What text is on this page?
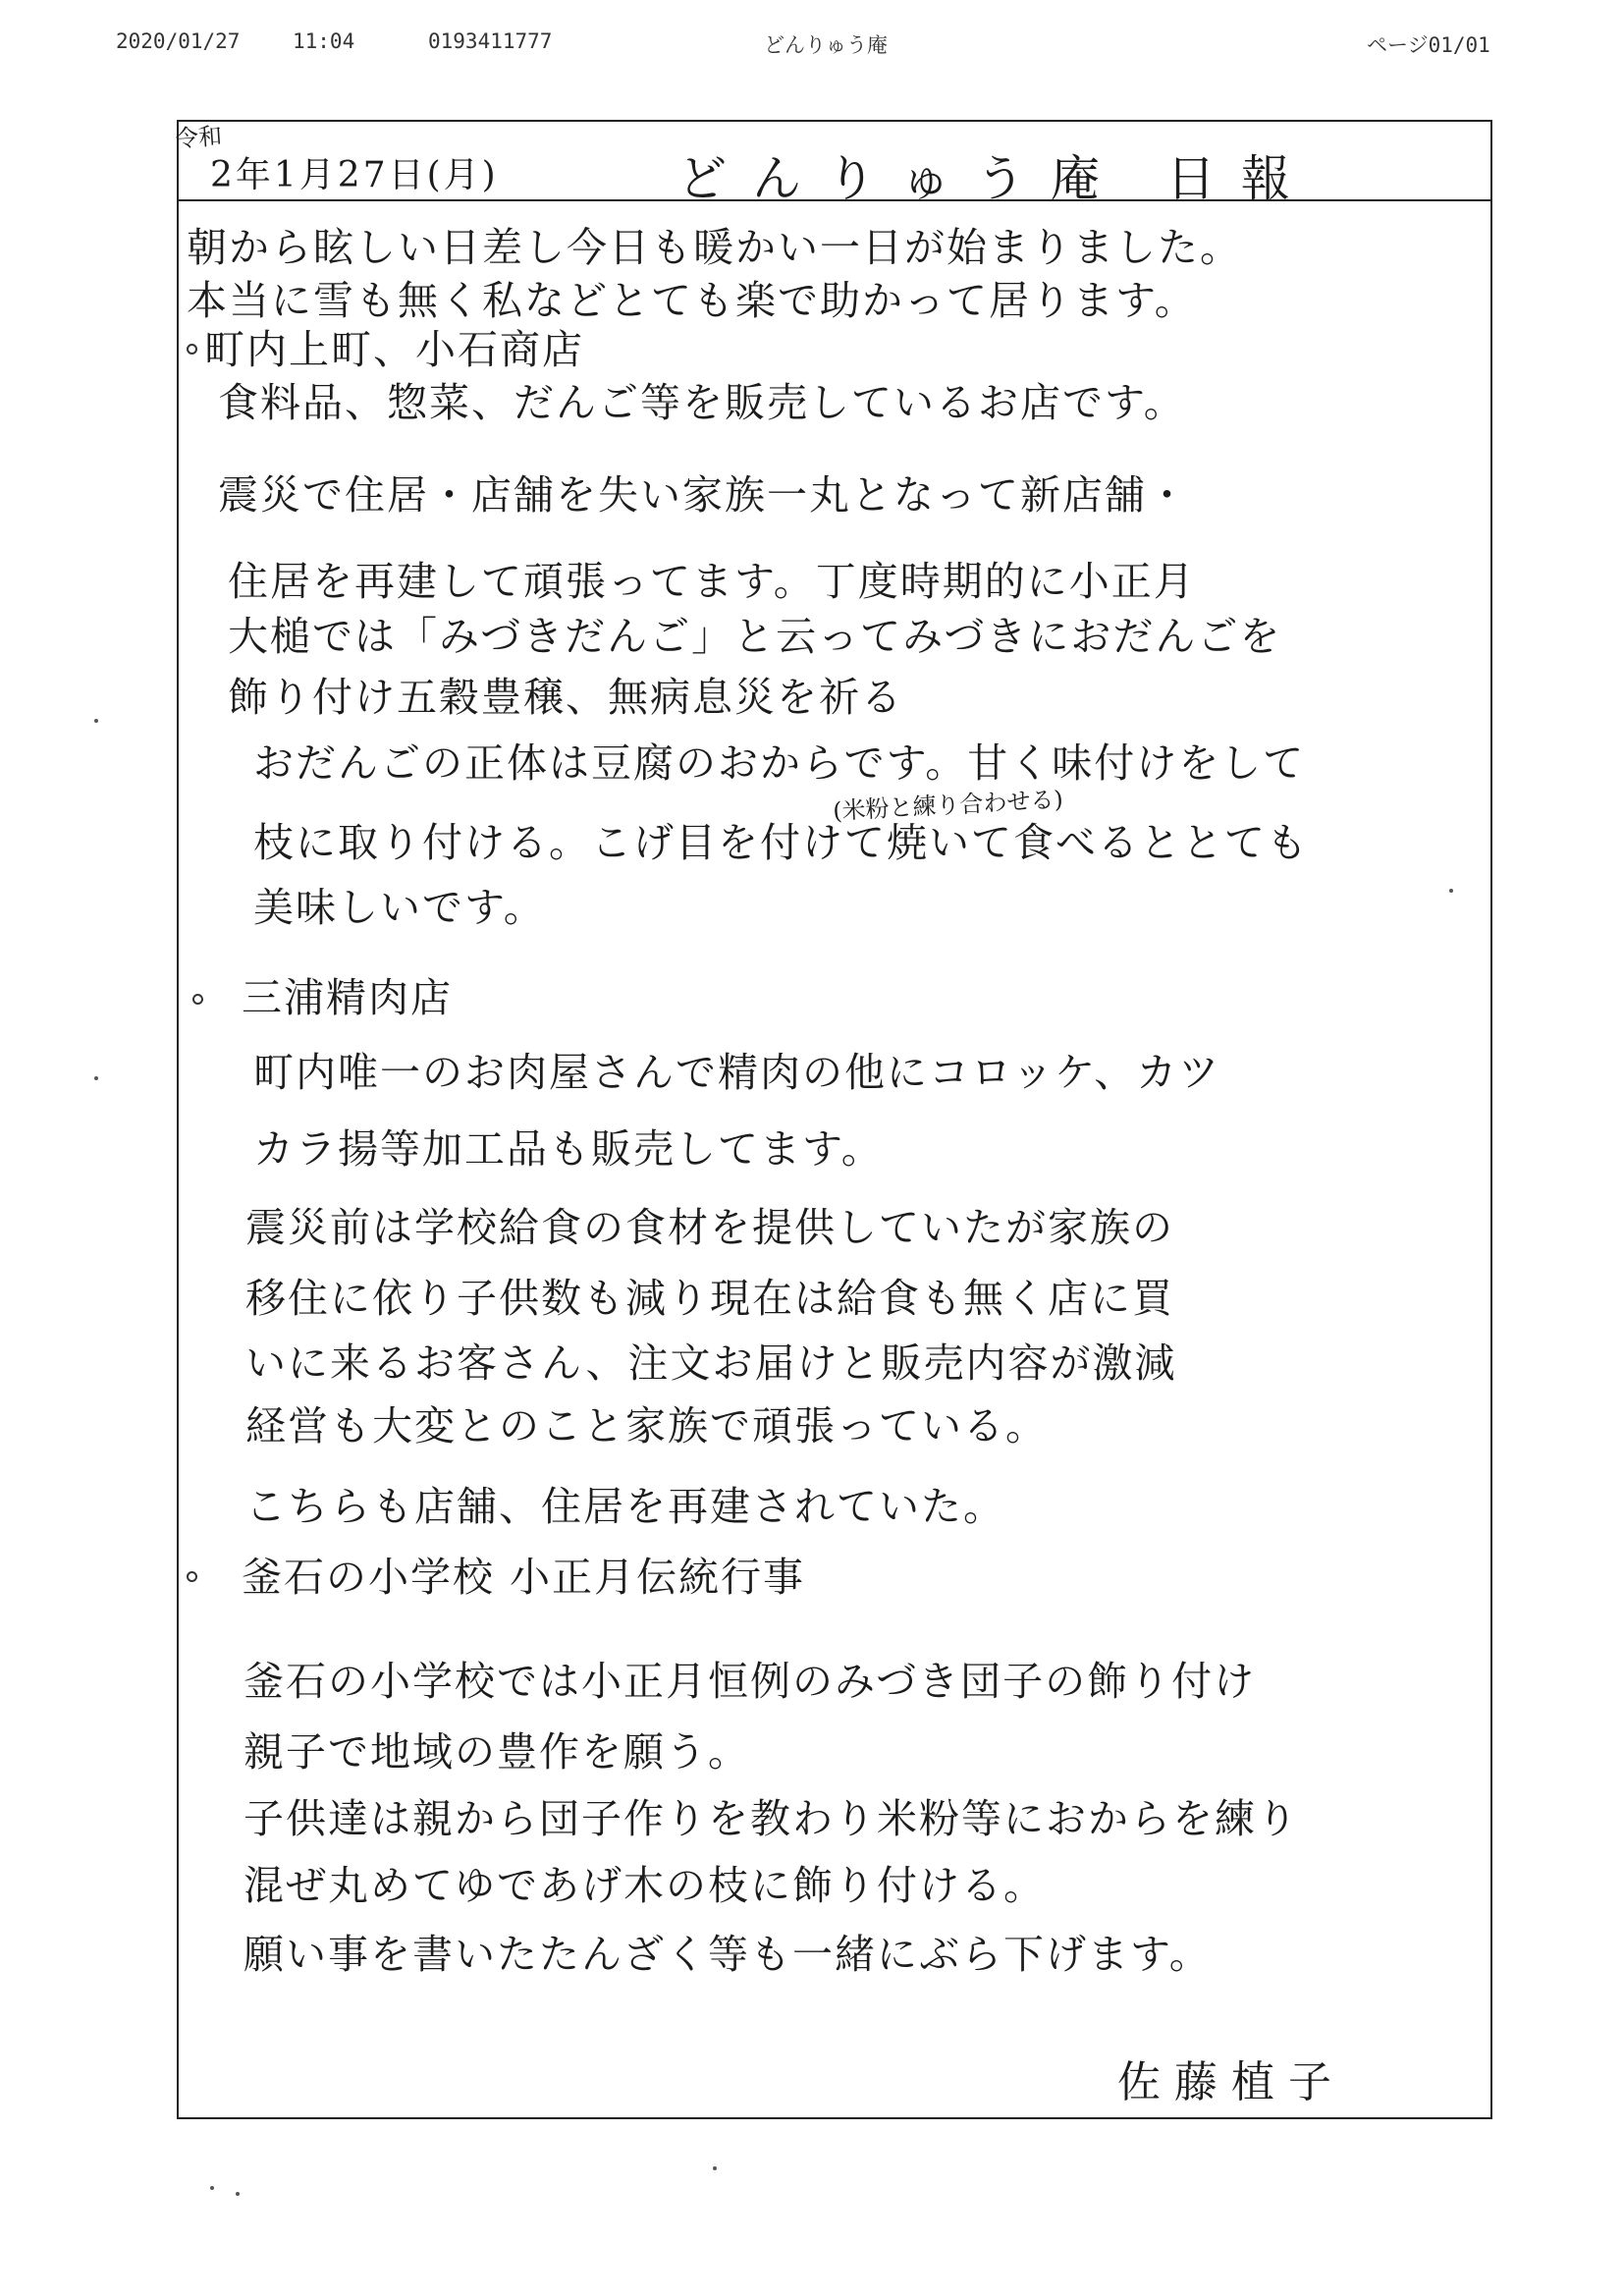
2020/01/27	11:04	0193411777	どんりゅう庵	ページ01/01
令和
2年1月27日(月)	どんりゅう庵 日報
朝から眩しい日差し今日も暖かい一日が始まりました。
本当に雪も無く私などとても楽で助かって居ります。
町内上町、小石商店
食料品、惣菜、だんご等を販売しているお店です。
震災で住居・店舗を失い家族一丸となって新店舗・
住居を再建して頑張ってます。丁度時期的に小正月
大槌では「みづきだんご」と云ってみづきにおだんごを
飾り付け五穀豊穣、無病息災を祈る
おだんごの正体は豆腐のおからです。甘く味付けをして
(米粉と練り合わせる)
枝に取り付ける。こげ目を付けて焼いて食べるととても
美味しいです。
三浦精肉店
町内唯一のお肉屋さんで精肉の他にコロッケ、カツ
カラ揚等加工品も販売してます。
震災前は学校給食の食材を提供していたが家族の
移住に依り子供数も減り現在は給食も無く店に買
いに来るお客さん、注文お届けと販売内容が激減
経営も大変とのこと家族で頑張っている。
こちらも店舗、住居を再建されていた。
釜石の小学校 小正月伝統行事
釜石の小学校では小正月恒例のみづき団子の飾り付け
親子で地域の豊作を願う。
子供達は親から団子作りを教わり米粉等におからを練り
混ぜ丸めてゆであげ木の枝に飾り付ける。
願い事を書いたたんざく等も一緒にぶら下げます。
佐藤植子
